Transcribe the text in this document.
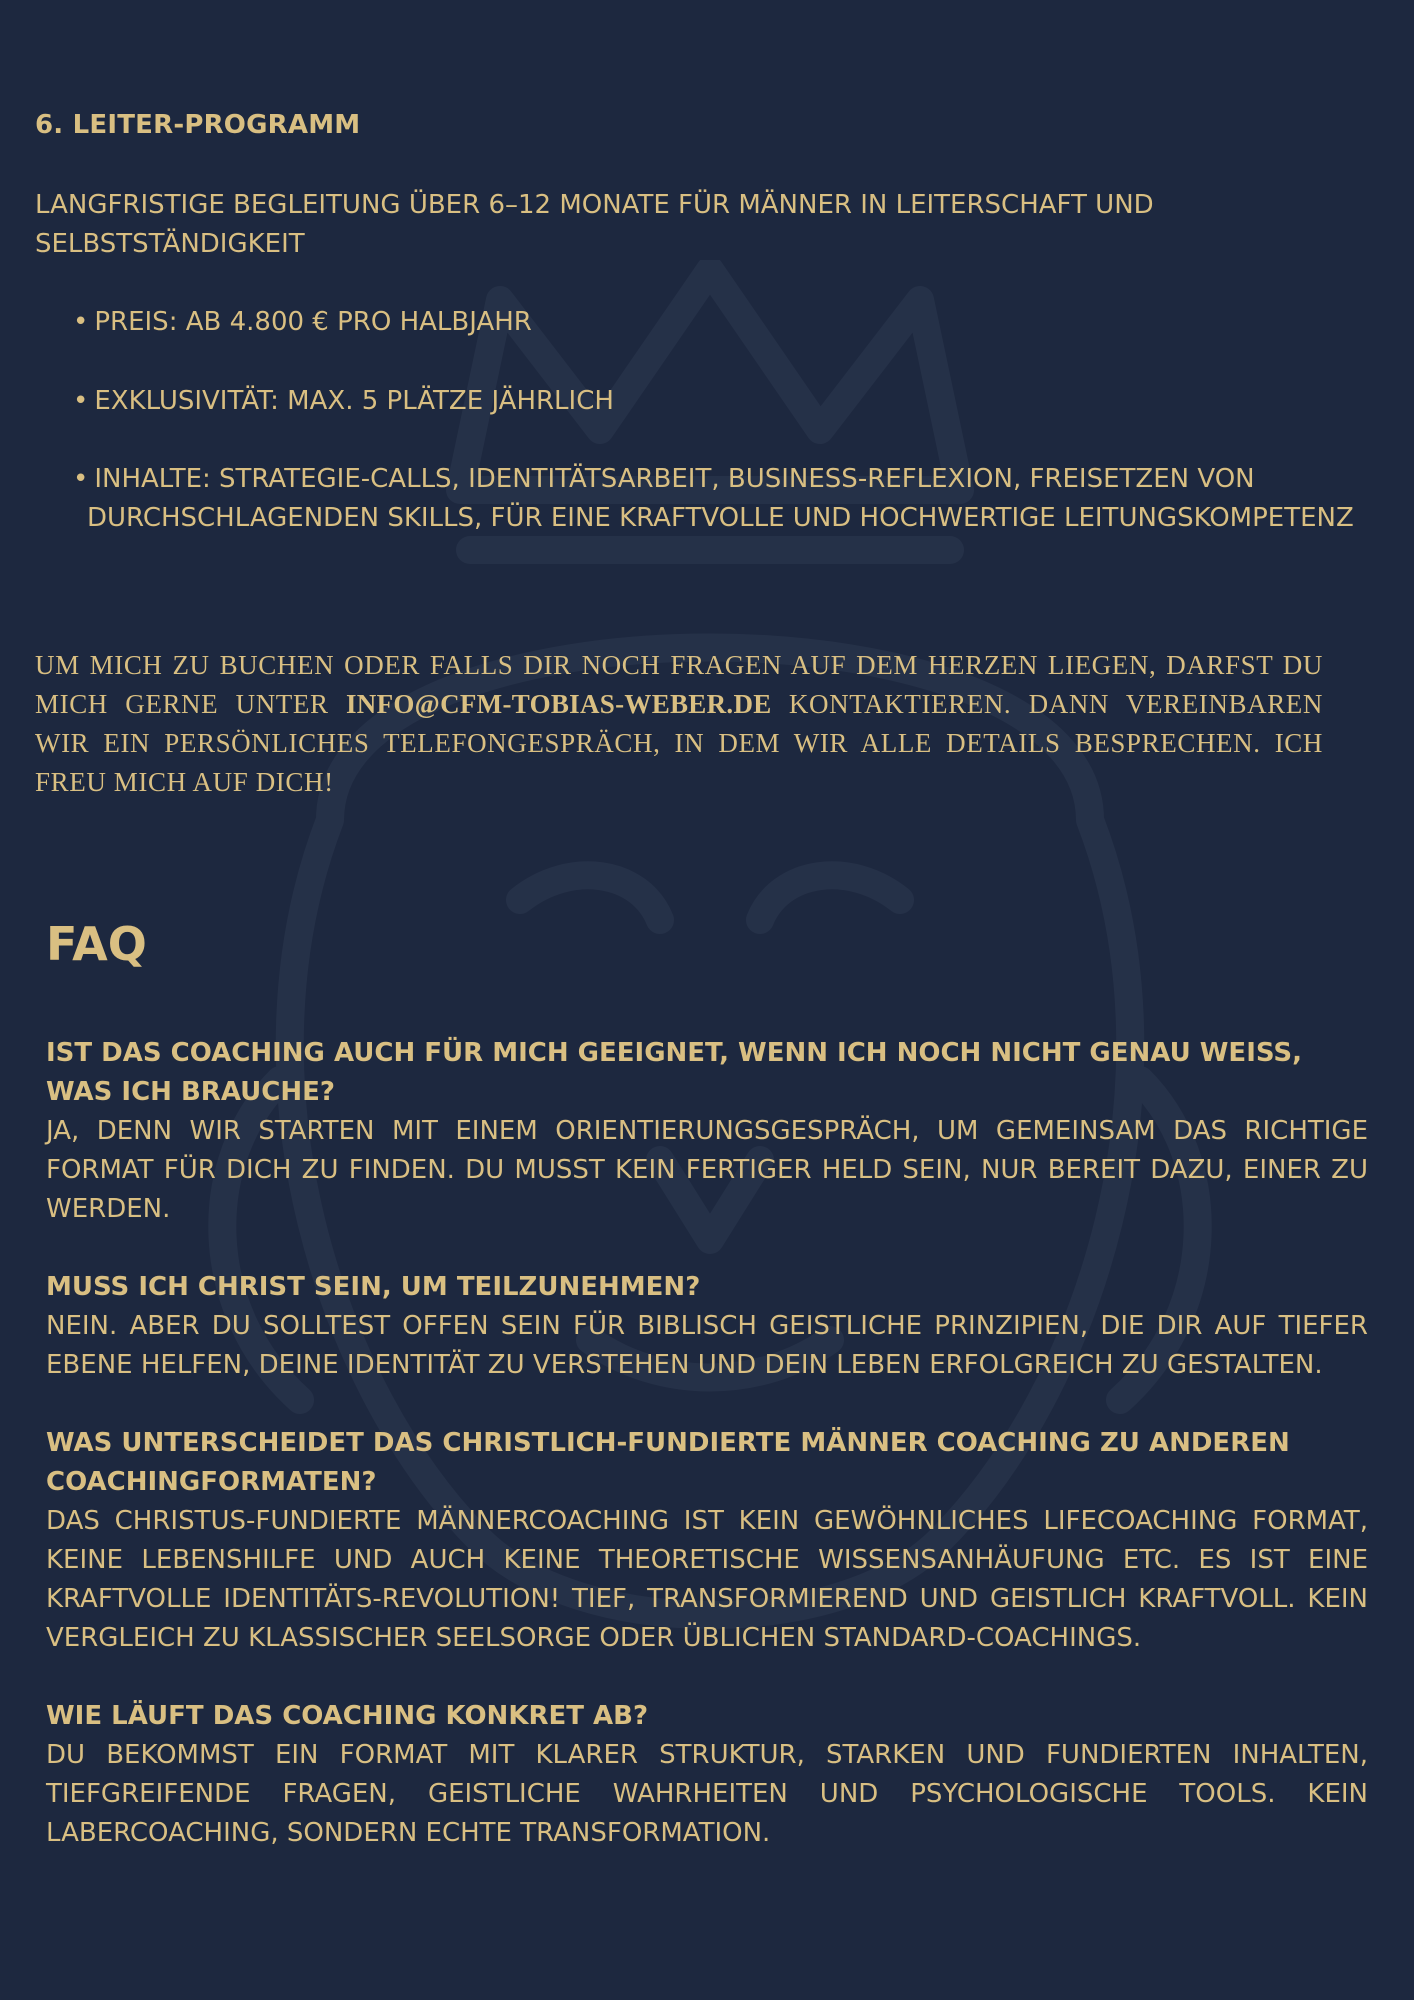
6. LEITER-PROGRAMM

LANGFRISTIGE BEGLEITUNG ÜBER 6–12 MONATE FÜR MÄNNER IN LEITERSCHAFT UND SELBSTSTÄNDIGKEIT

• PREIS: AB 4.800 € PRO HALBJAHR

• EXKLUSIVITÄT: MAX. 5 PLÄTZE JÄHRLICH

• INHALTE: STRATEGIE-CALLS, IDENTITÄTSARBEIT, BUSINESS-REFLEXION, FREISETZEN VON
DURCHSCHLAGENDEN SKILLS, FÜR EINE KRAFTVOLLE UND HOCHWERTIGE LEITUNGSKOMPETENZ

UM MICH ZU BUCHEN ODER FALLS DIR NOCH FRAGEN AUF DEM HERZEN LIEGEN, DARFST DU MICH GERNE UNTER INFO@CFM-TOBIAS-WEBER.DE KONTAKTIEREN. DANN VEREINBAREN WIR EIN PERSÖNLICHES TELEFONGESPRÄCH, IN DEM WIR ALLE DETAILS BESPRECHEN. ICH FREU MICH AUF DICH!

FAQ

IST DAS COACHING AUCH FÜR MICH GEEIGNET, WENN ICH NOCH NICHT GENAU WEISS, WAS ICH BRAUCHE?

JA, DENN WIR STARTEN MIT EINEM ORIENTIERUNGSGESPRÄCH, UM GEMEINSAM DAS RICHTIGE FORMAT FÜR DICH ZU FINDEN. DU MUSST KEIN FERTIGER HELD SEIN, NUR BEREIT DAZU, EINER ZU WERDEN.

MUSS ICH CHRIST SEIN, UM TEILZUNEHMEN?

NEIN. ABER DU SOLLTEST OFFEN SEIN FÜR BIBLISCH GEISTLICHE PRINZIPIEN, DIE DIR AUF TIEFER EBENE HELFEN, DEINE IDENTITÄT ZU VERSTEHEN UND DEIN LEBEN ERFOLGREICH ZU GESTALTEN.

WAS UNTERSCHEIDET DAS CHRISTLICH-FUNDIERTE MÄNNER COACHING ZU ANDEREN COACHINGFORMATEN?

DAS CHRISTUS-FUNDIERTE MÄNNERCOACHING IST KEIN GEWÖHNLICHES LIFECOACHING FORMAT, KEINE LEBENSHILFE UND AUCH KEINE THEORETISCHE WISSENSANHÄUFUNG ETC. ES IST EINE KRAFTVOLLE IDENTITÄTS-REVOLUTION! TIEF, TRANSFORMIEREND UND GEISTLICH KRAFTVOLL. KEIN VERGLEICH ZU KLASSISCHER SEELSORGE ODER ÜBLICHEN STANDARD-COACHINGS.

WIE LÄUFT DAS COACHING KONKRET AB?

DU BEKOMMST EIN FORMAT MIT KLARER STRUKTUR, STARKEN UND FUNDIERTEN INHALTEN, TIEFGREIFENDE FRAGEN, GEISTLICHE WAHRHEITEN UND PSYCHOLOGISCHE TOOLS. KEIN LABERCOACHING, SONDERN ECHTE TRANSFORMATION.
